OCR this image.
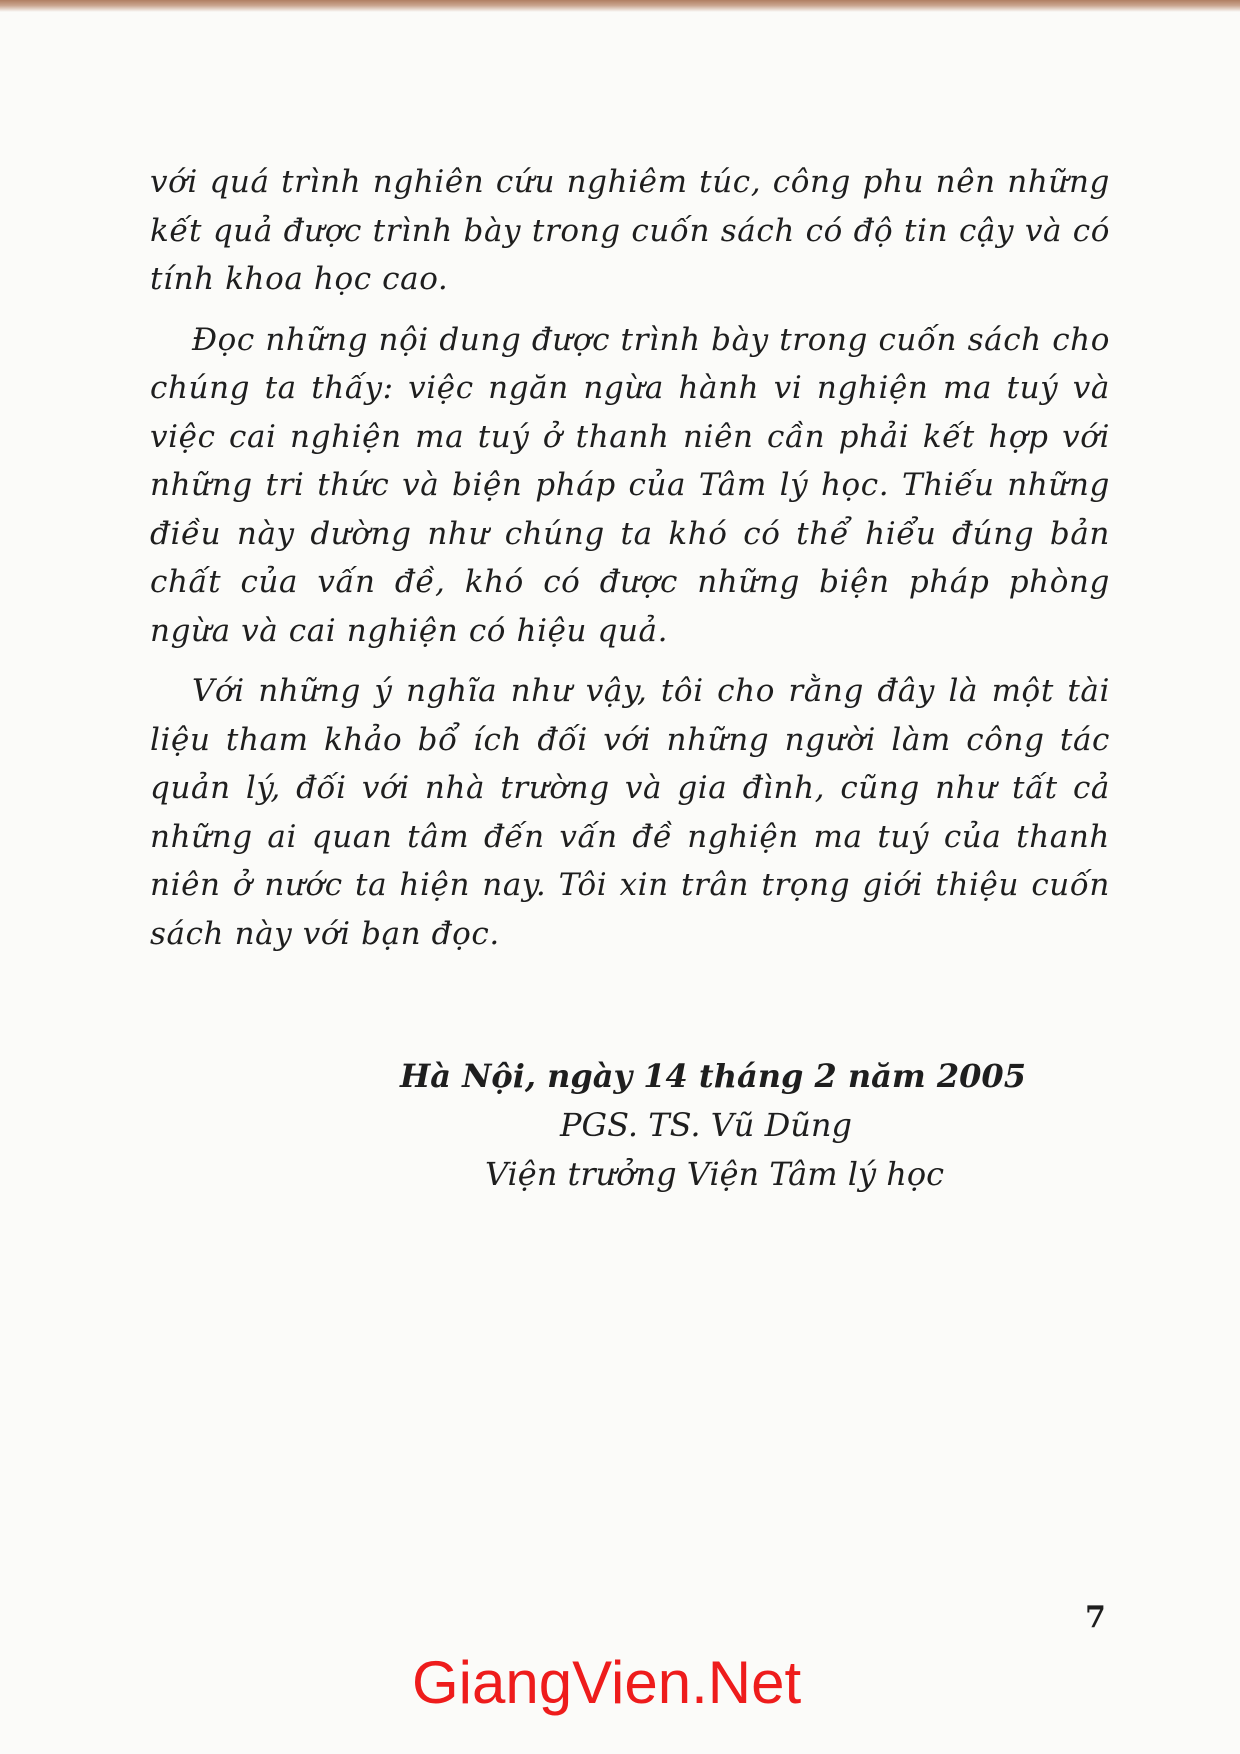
với quá trình nghiên cứu nghiêm túc, công phu nên những kết quả được trình bày trong cuốn sách có độ tin cậy và có tính khoa học cao.

Đọc những nội dung được trình bày trong cuốn sách cho chúng ta thấy: việc ngăn ngừa hành vi nghiện ma tuý và việc cai nghiện ma tuý ở thanh niên cần phải kết hợp với những tri thức và biện pháp của Tâm lý học. Thiếu những điều này dường như chúng ta khó có thể hiểu đúng bản chất của vấn đề, khó có được những biện pháp phòng ngừa và cai nghiện có hiệu quả.

Với những ý nghĩa như vậy, tôi cho rằng đây là một tài liệu tham khảo bổ ích đối với những người làm công tác quản lý, đối với nhà trường và gia đình, cũng như tất cả những ai quan tâm đến vấn đề nghiện ma tuý của thanh niên ở nước ta hiện nay. Tôi xin trân trọng giới thiệu cuốn sách này với bạn đọc.

Hà Nội, ngày 14 tháng 2 năm 2005
PGS. TS. Vũ Dũng
Viện trưởng Viện Tâm lý học
7
GiangVien.Net
